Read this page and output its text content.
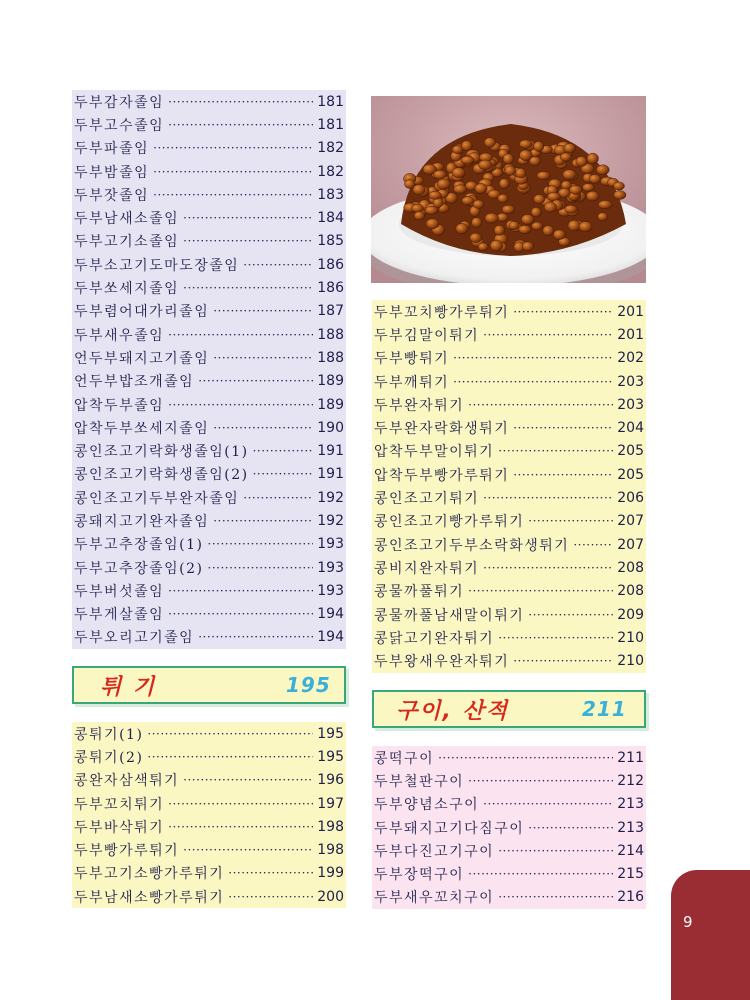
두부감자졸임 ·····	181
두부고수졸임 ·····	181
두부파졸임 ·····	182
두부밤졸임 ·····	182
두부잣졸임 ·····	183
두부남새소졸임 ·····	184
두부고기소졸임 ·····	185
두부소고기도마도장졸임 ·····	186
두부쏘세지졸임 ·····	186
두부렴어대가리졸임 ·····	187
두부새우졸임 ·····	188
언두부돼지고기졸임 ·····	188
언두부밥조개졸임 ·····	189
압착두부졸임 ·····	189
압착두부쏘세지졸임 ·····	190
콩인조고기락화생졸임(1) ·····	191
콩인조고기락화생졸임(2) ·····	191
콩인조고기두부완자졸임 ·····	192
콩돼지고기완자졸임 ·····	192
두부고추장졸임(1) ·····	193
두부고추장졸임(2) ·····	193
두부버섯졸임 ·····	193
두부게살졸임 ·····	194
두부오리고기졸임 ·····	194
튀 기	195
콩튀기(1) ·····	195
콩튀기(2) ·····	195
콩완자삼색튀기 ·····	196
두부꼬치튀기 ·····	197
두부바삭튀기 ·····	198
두부빵가루튀기 ·····	198
두부고기소빵가루튀기 ·····	199
두부남새소빵가루튀기 ·····	200
두부꼬치빵가루튀기 ·····	201
두부김말이튀기 ·····	201
두부빵튀기 ·····	202
두부깨튀기 ·····	203
두부완자튀기 ·····	203
두부완자락화생튀기 ·····	204
압착두부말이튀기 ·····	205
압착두부빵가루튀기 ·····	205
콩인조고기튀기 ·····	206
콩인조고기빵가루튀기 ·····	207
콩인조고기두부소락화생튀기 ·····	207
콩비지완자튀기 ·····	208
콩물까풀튀기 ·····	208
콩물까풀남새말이튀기 ·····	209
콩닭고기완자튀기 ·····	210
두부왕새우완자튀기 ·····	210
구이, 산적	211
콩떡구이 ·····	211
두부철판구이 ·····	212
두부양념소구이 ·····	213
두부돼지고기다짐구이 ·····	213
두부다진고기구이 ·····	214
두부장떡구이 ·····	215
두부새우꼬치구이 ·····	216
9
